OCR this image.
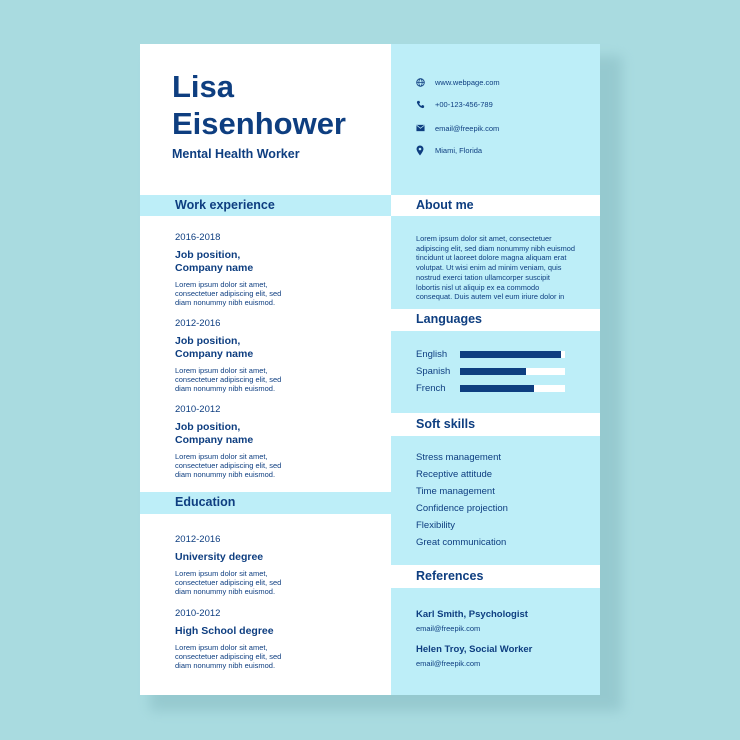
Lisa
Eisenhower
Mental Health Worker
www.webpage.com
+00-123-456-789
email@freepik.com
Miami, Florida
Work experience	About me
2016-2018
Job position,
Company name
Lorem ipsum dolor sit amet,
consectetuer adipiscing elit, sed
diam nonummy nibh euismod.
2012-2016
Job position,
Company name
Lorem ipsum dolor sit amet,
consectetuer adipiscing elit, sed
diam nonummy nibh euismod.
2010-2012
Job position,
Company name
Lorem ipsum dolor sit amet,
consectetuer adipiscing elit, sed
diam nonummy nibh euismod.
Lorem ipsum dolor sit amet, consectetuer
adipiscing elit, sed diam nonummy nibh euismod
tincidunt ut laoreet dolore magna aliquam erat
volutpat. Ut wisi enim ad minim veniam, quis
nostrud exerci tation ullamcorper suscipit
lobortis nisl ut aliquip ex ea commodo
consequat. Duis autem vel eum iriure dolor in
Languages
English
Spanish
French
Soft skills
Stress management
Receptive attitude
Time management
Confidence projection
Flexibility
Great communication
Education
2012-2016
University degree
Lorem ipsum dolor sit amet,
consectetuer adipiscing elit, sed
diam nonummy nibh euismod.
2010-2012
High School degree
Lorem ipsum dolor sit amet,
consectetuer adipiscing elit, sed
diam nonummy nibh euismod.
References
Karl Smith, Psychologist
email@freepik.com
Helen Troy, Social Worker
email@freepik.com
